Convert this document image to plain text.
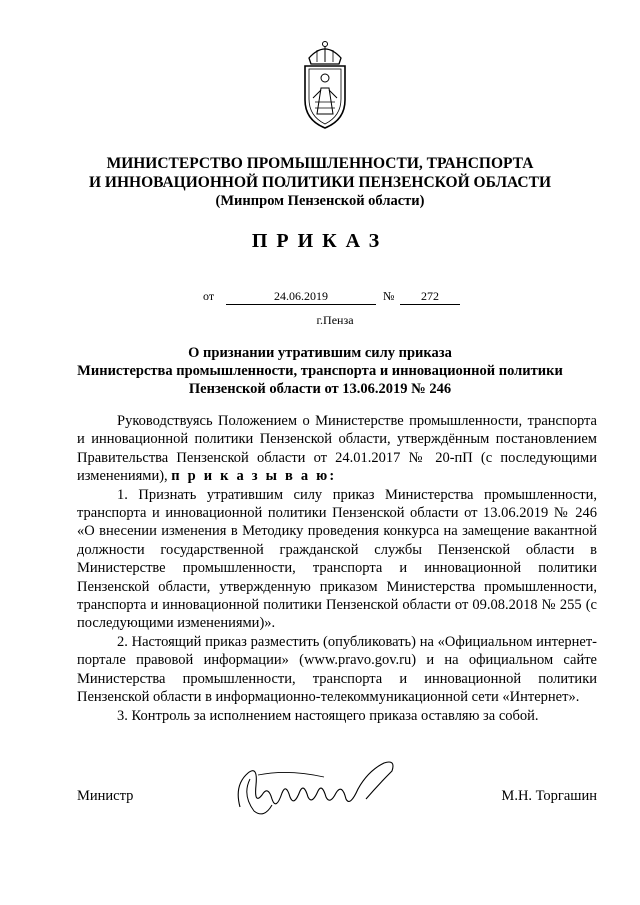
МИНИСТЕРСТВО ПРОМЫШЛЕННОСТИ, ТРАНСПОРТА
И ИННОВАЦИОННОЙ ПОЛИТИКИ ПЕНЗЕНСКОЙ ОБЛАСТИ
(Минпром Пензенской области)
ПРИКАЗ
от	24.06.2019	№	272
г.Пенза
О признании утратившим силу приказа
Министерства промышленности, транспорта и инновационной политики
Пензенской области от 13.06.2019 № 246

Руководствуясь Положением о Министерстве промышленности, транспорта и инновационной политики Пензенской области, утверждённым постановлением Правительства Пензенской области от 24.01.2017 № 20-пП (с последующими изменениями), п р и к а з ы в а ю:

1. Признать утратившим силу приказ Министерства промышленности, транспорта и инновационной политики Пензенской области от 13.06.2019 № 246 «О внесении изменения в Методику проведения конкурса на замещение вакантной должности государственной гражданской службы Пензенской области в Министерстве промышленности, транспорта и инновационной политики Пензенской области, утвержденную приказом Министерства промышленности, транспорта и инновационной политики Пензенской области от 09.08.2018 № 255 (с последующими изменениями)».

2. Настоящий приказ разместить (опубликовать) на «Официальном интернет-портале правовой информации» (www.pravo.gov.ru) и на официальном сайте Министерства промышленности, транспорта и инновационной политики Пензенской области в информационно-телекоммуникационной сети «Интернет».

3. Контроль за исполнением настоящего приказа оставляю за собой.

Министр	М.Н. Торгашин
